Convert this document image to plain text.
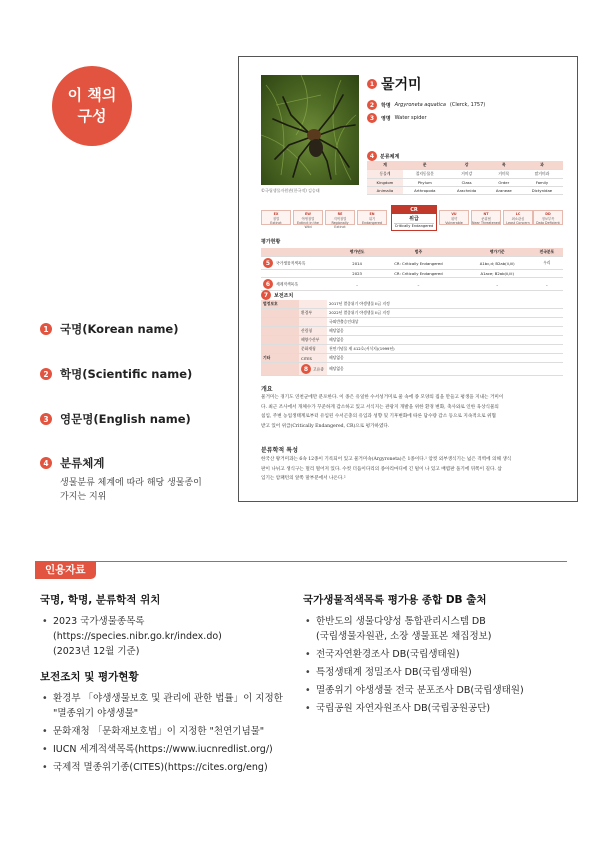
이 책의
구성
1 국명(Korean name)
2 학명(Scientific name)
3 영문명(English name)
4 분류체계
생물분류 체계에 따라 해당 생물종이
가지는 지위
©국립생물자원관(한국적) 김승태
1 물거미
2	학명 Argyroneta aquatica (Clerck, 1757)
3	영명 Water spider
4	분류체계
계	문	강	목	과
동물계	절지동물문	거미강	거미목	말거미과
Kingdom	Phylum	Class	Order	Family
Animalia	Arthropoda	Arachnida	Araneae	Dictynidae
CR
위급
Critically Endangered
EX
절멸
Extinct
EW
야생절멸
Extinct in the Wild
RE
지역절멸
Regionally Extinct
EN
위기
Endangered
VU
취약
Vulnerable
NT
준위협
Near Threatened
LC
최소관심
Least Concern
DD
정보부족
Data Deficient
평가현황
	평가년도	범주	평가기준	전국분포
5 국가생물적색목록	2014	CR: Critically Endangered	A1bc,d; B2ab(ii,iii)	우리
	2023	CR: Critically Endangered	A1ace; B2ab(ii,iii)	
6 세계적색목록	–	–	–	–
7	보전조치
법정보호		2017년 멸종위기 야생생물 II급 지정
	환경부	2022년 멸종위기 야생생물 II급 지정
		국외반출승인대상
	산림청	해당없음
	해양수산부	해당없음
	문화재청	천연기념물 제 412호(서식지)(1999년)
기타	CITES	해당없음
	8 고유종	해당없음
개요
물거미는 경기도 연천군에만 분포한다. 이 종은 유일한 수서성거미로 물 속에 종 모양의 집을 만들고 평생을 지내는 거미이
다. 최근 조사에서 개체수가 꾸준하게 감소하고 있고 서식지는 관광지 개발을 위한 환경 변화, 축사와로 인한 육상식물의
침입, 주변 농업생태계로부터 유입된 수서곤충의 유입과 성향 및 기후변화에 따른 담수량 감소 등으로 지속적으로 위협
받고 있어 위급(Critically Endangered, CR)으로 평가하였다.
분류학적 특성
한국산 왕거미과는 6속 12종이 기록되어 있고 물거미속(Argyroneta)은 1종이다.¹ 암컷 외부생식기는 넓은 격벽에 의해 생식
판이 나뉘고 생식구는 멀리 떨어져 있다. 수컷 더듬이다리의 종아리마디에 긴 털이 나 있고 배엽판 돌기에 뒤쪽이 길다. 삽
입기는 암패턴의 앞쪽 말부분에서 나온다.²
인용자료
국명, 학명, 분류학적 위치
• 2023 국가생물종목록(https://species.nibr.go.kr/index.do)
(2023년 12월 기준)
보전조치 및 평가현황
• 환경부 「야생생물보호 및 관리에 관한 법률」이 지정한
"멸종위기 야생생물"
• 문화재청 「문화재보호법」이 지정한 "천연기념물"
• IUCN 세계적색목록(https://www.iucnredlist.org/)
• 국제적 멸종위기종(CITES)(https://cites.org/eng)
국가생물적색목록 평가용 종합 DB 출처
• 한반도의 생물다양성 통합관리시스템 DB
(국립생물자원관, 소장 생물표본 채집정보)
• 전국자연환경조사 DB(국립생태원)
• 특정생태계 정밀조사 DB(국립생태원)
• 멸종위기 야생생물 전국 분포조사 DB(국립생태원)
• 국립공원 자연자원조사 DB(국립공원공단)
